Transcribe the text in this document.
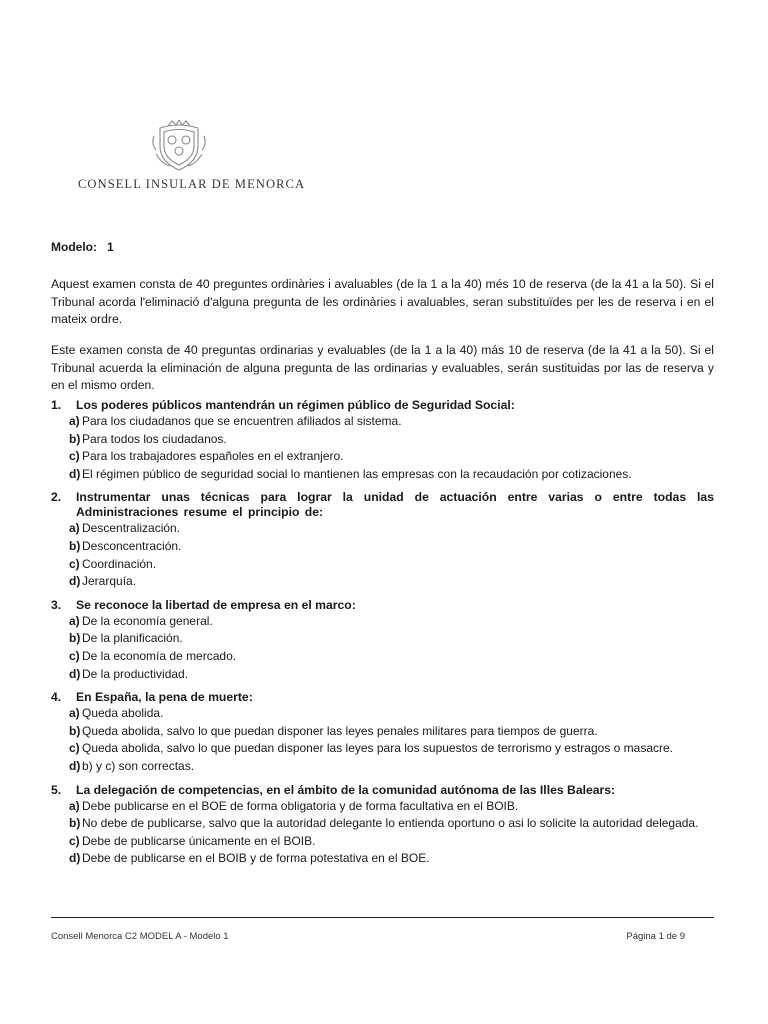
CONSELL INSULAR DE MENORCA
Modelo: 1

Aquest examen consta de 40 preguntes ordinàries i avaluables (de la 1 a la 40) més 10 de reserva (de la 41 a la 50). Si el Tribunal acorda l'eliminació d'alguna pregunta de les ordinàries i avaluables, seran substituïdes per les de reserva i en el mateix ordre.

Este examen consta de 40 preguntas ordinarias y evaluables (de la 1 a la 40) más 10 de reserva (de la 41 a la 50). Si el Tribunal acuerda la eliminación de alguna pregunta de las ordinarias y evaluables, serán sustituidas por las de reserva y en el mismo orden.

1.	Los poderes públicos mantendrán un régimen público de Seguridad Social:
a) Para los ciudadanos que se encuentren afiliados al sistema.
b) Para todos los ciudadanos.
c) Para los trabajadores españoles en el extranjero.
d) El régimen público de seguridad social lo mantienen las empresas con la recaudación por cotizaciones.
2.	Instrumentar unas técnicas para lograr la unidad de actuación entre varias o entre todas las Administraciones resume el principio de:
a) Descentralización.
b) Desconcentración.
c) Coordinación.
d) Jerarquía.
3.	Se reconoce la libertad de empresa en el marco:
a) De la economía general.
b) De la planificación.
c) De la economía de mercado.
d) De la productividad.
4.	En España, la pena de muerte:
a) Queda abolida.
b) Queda abolida, salvo lo que puedan disponer las leyes penales militares para tiempos de guerra.
c) Queda abolida, salvo lo que puedan disponer las leyes para los supuestos de terrorismo y estragos o masacre.
d) b) y c) son correctas.
5.	La delegación de competencias, en el ámbito de la comunidad autónoma de las Illes Balears:
a) Debe publicarse en el BOE de forma obligatoria y de forma facultativa en el BOIB.
b) No debe de publicarse, salvo que la autoridad delegante lo entienda oportuno o asi lo solicite la autoridad delegada.
c) Debe de publicarse únicamente en el BOIB.
d) Debe de publicarse en el BOIB y de forma potestativa en el BOE.
Consell Menorca C2 MODEL A - Modelo 1	Página 1 de 9
